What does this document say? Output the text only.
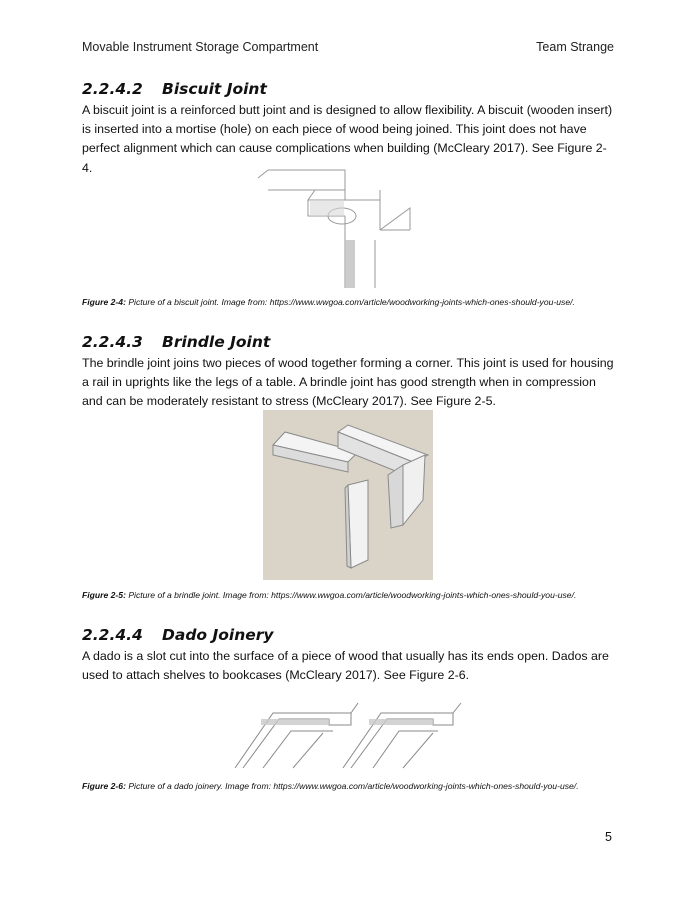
Movable Instrument Storage Compartment	Team Strange
2.2.4.2 Biscuit Joint

A biscuit joint is a reinforced butt joint and is designed to allow flexibility. A biscuit (wooden insert) is inserted into a mortise (hole) on each piece of wood being joined. This joint does not have perfect alignment which can cause complications when building (McCleary 2017). See Figure 2-4.

Figure 2-4: Picture of a biscuit joint. Image from: https://www.wwgoa.com/article/woodworking-joints-which-ones-should-you-use/.
2.2.4.3 Brindle Joint

The brindle joint joins two pieces of wood together forming a corner. This joint is used for housing a rail in uprights like the legs of a table. A brindle joint has good strength when in compression and can be moderately resistant to stress (McCleary 2017). See Figure 2-5.

Figure 2-5: Picture of a brindle joint. Image from: https://www.wwgoa.com/article/woodworking-joints-which-ones-should-you-use/.
2.2.4.4 Dado Joinery

A dado is a slot cut into the surface of a piece of wood that usually has its ends open. Dados are used to attach shelves to bookcases (McCleary 2017). See Figure 2-6.

Figure 2-6: Picture of a dado joinery. Image from: https://www.wwgoa.com/article/woodworking-joints-which-ones-should-you-use/.
5
